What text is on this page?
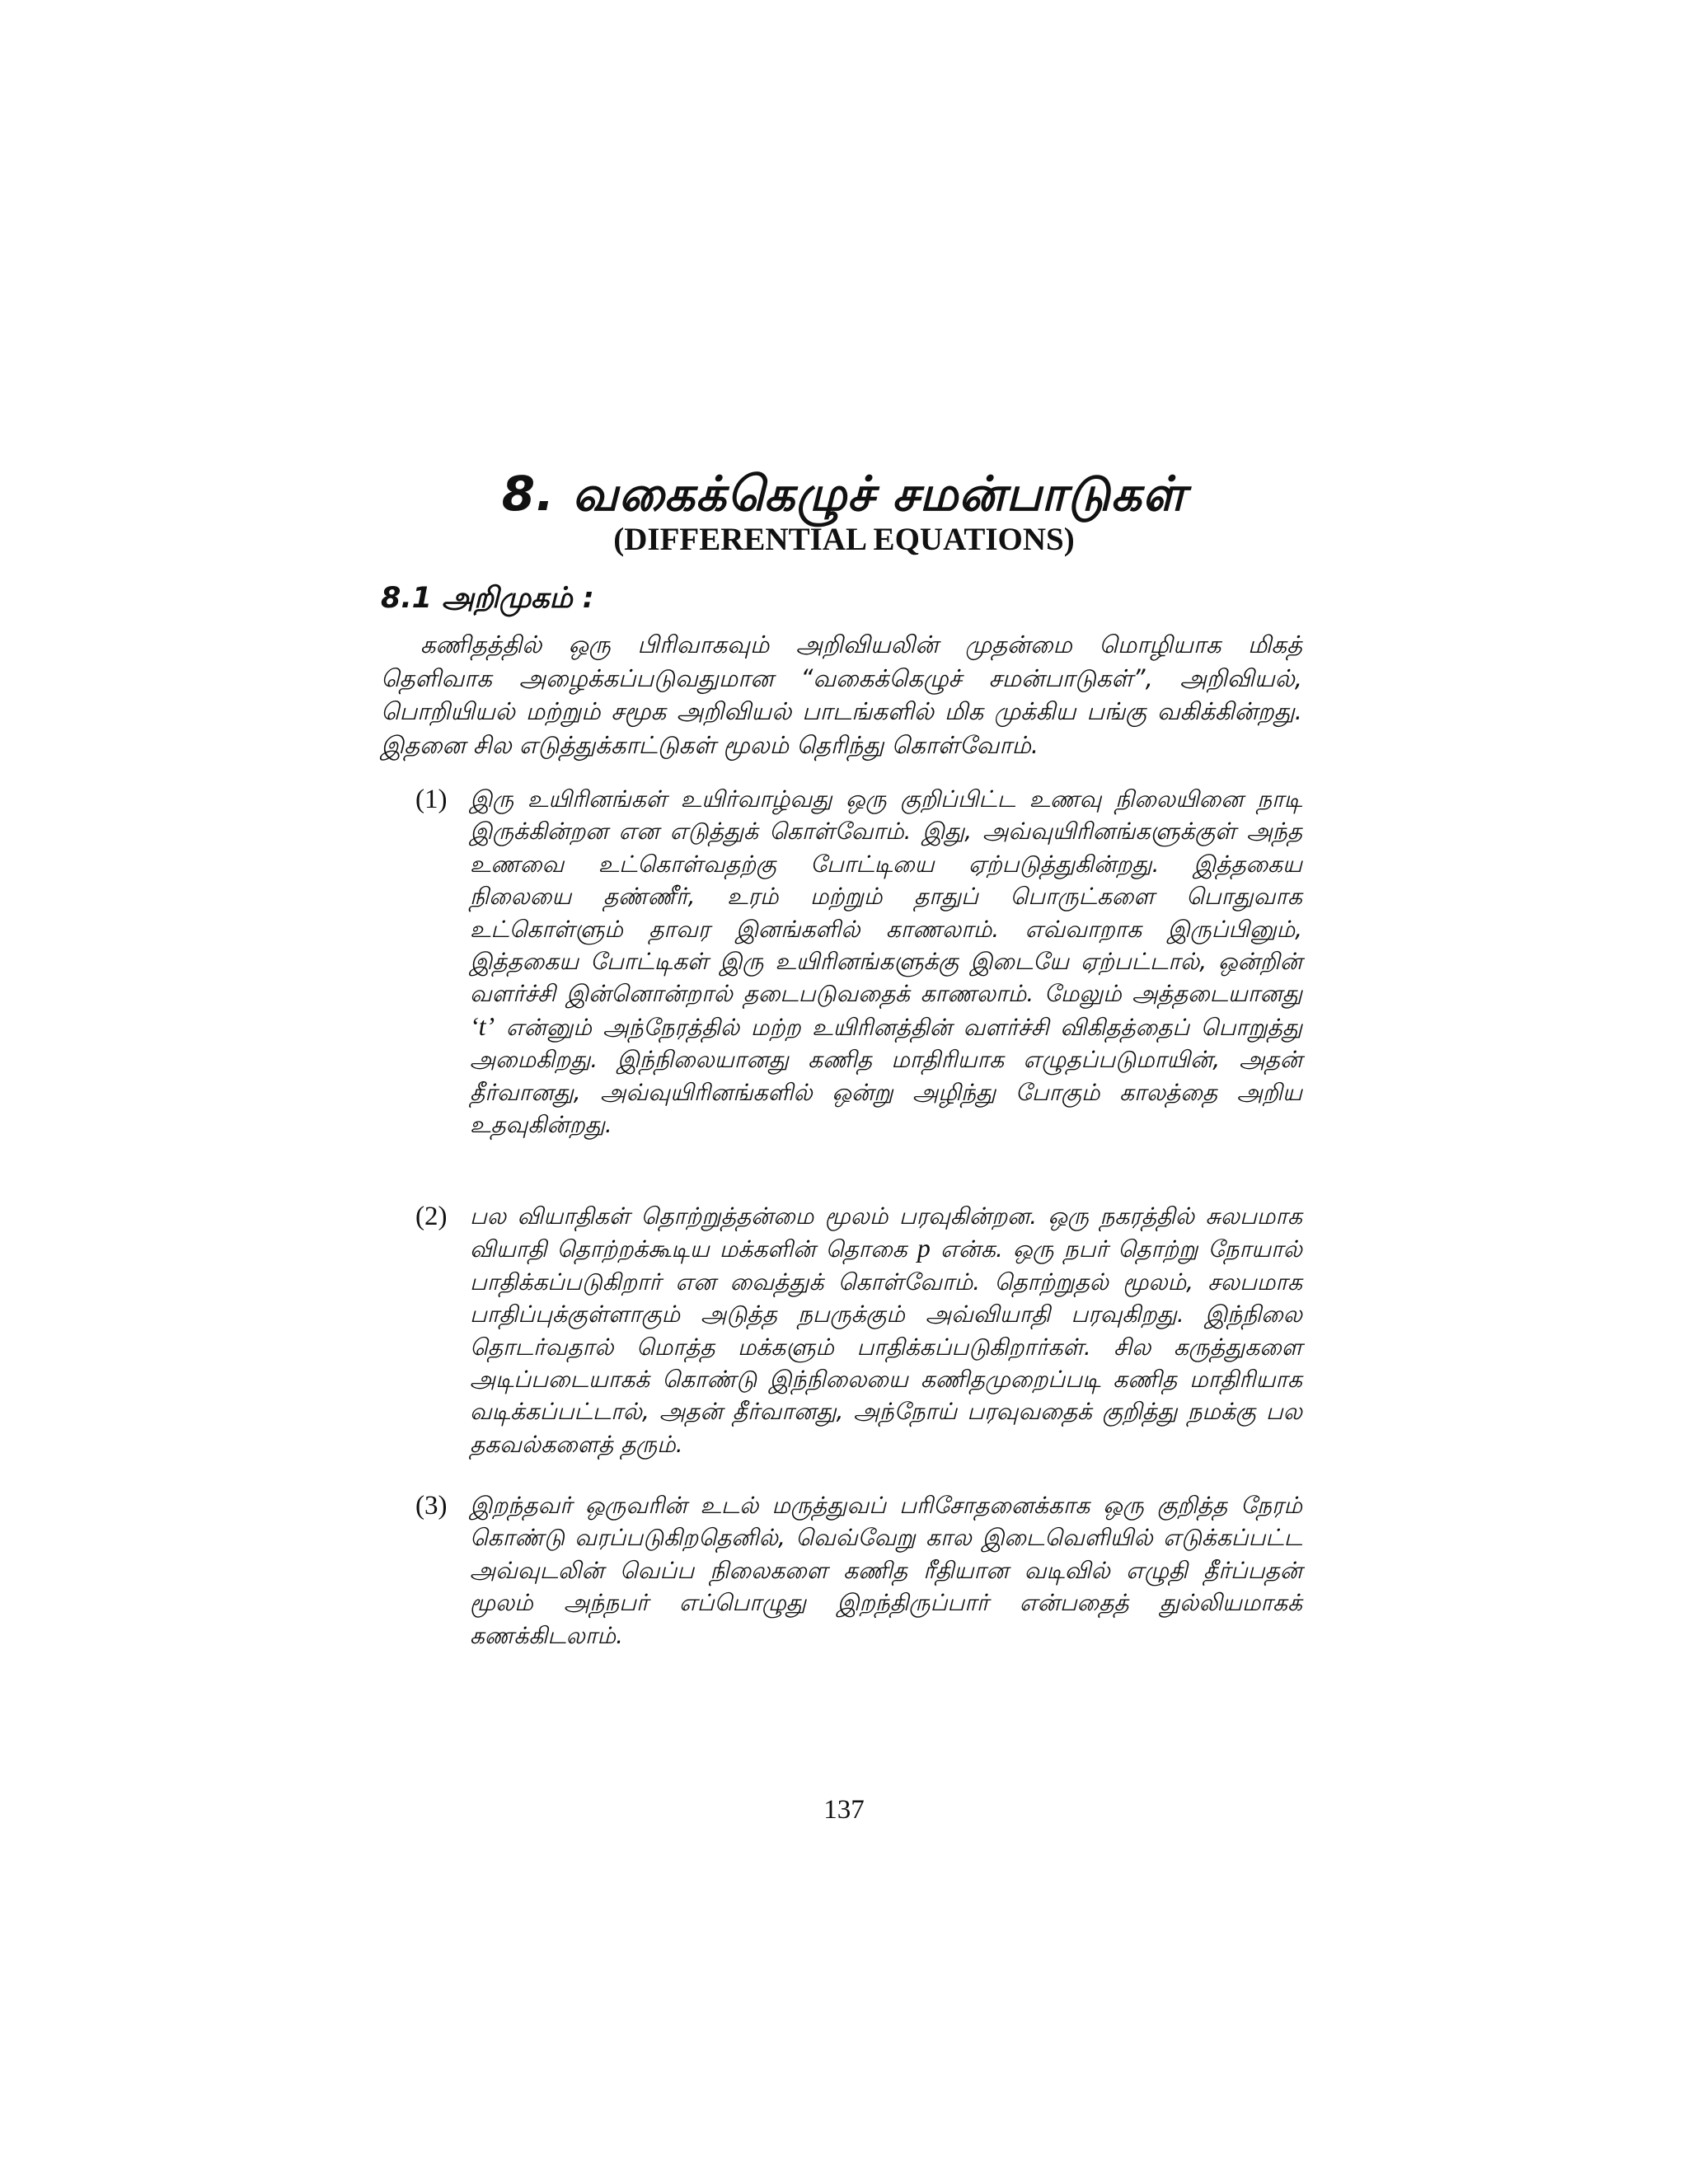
8. வகைக்கெழுச் சமன்பாடுகள்
(DIFFERENTIAL EQUATIONS)
8.1 அறிமுகம் :

கணிதத்தில் ஒரு பிரிவாகவும் அறிவியலின் முதன்மை மொழியாக மிகத் தெளிவாக அழைக்கப்படுவதுமான “வகைக்கெழுச் சமன்பாடுகள்”, அறிவியல், பொறியியல் மற்றும் சமூக அறிவியல் பாடங்களில் மிக முக்கிய பங்கு வகிக்கின்றது. இதனை சில எடுத்துக்காட்டுகள் மூலம் தெரிந்து கொள்வோம்.

(1) இரு உயிரினங்கள் உயிர்வாழ்வது ஒரு குறிப்பிட்ட உணவு நிலையினை நாடி இருக்கின்றன என எடுத்துக் கொள்வோம். இது, அவ்வுயிரினங்களுக்குள் அந்த உணவை உட்கொள்வதற்கு போட்டியை ஏற்படுத்துகின்றது. இத்தகைய நிலையை தண்ணீர், உரம் மற்றும் தாதுப் பொருட்களை பொதுவாக உட்கொள்ளும் தாவர இனங்களில் காணலாம். எவ்வாறாக இருப்பினும், இத்தகைய போட்டிகள் இரு உயிரினங்களுக்கு இடையே ஏற்பட்டால், ஒன்றின் வளர்ச்சி இன்னொன்றால் தடைபடுவதைக் காணலாம். மேலும் அத்தடையானது ‘t’ என்னும் அந்நேரத்தில் மற்ற உயிரினத்தின் வளர்ச்சி விகிதத்தைப் பொறுத்து அமைகிறது. இந்நிலையானது கணித மாதிரியாக எழுதப்படுமாயின், அதன் தீர்வானது, அவ்வுயிரினங்களில் ஒன்று அழிந்து போகும் காலத்தை அறிய உதவுகின்றது.

(2) பல வியாதிகள் தொற்றுத்தன்மை மூலம் பரவுகின்றன. ஒரு நகரத்தில் சுலபமாக வியாதி தொற்றக்கூடிய மக்களின் தொகை p என்க. ஒரு நபர் தொற்று நோயால் பாதிக்கப்படுகிறார் என வைத்துக் கொள்வோம். தொற்றுதல் மூலம், சலபமாக பாதிப்புக்குள்ளாகும் அடுத்த நபருக்கும் அவ்வியாதி பரவுகிறது. இந்நிலை தொடர்வதால் மொத்த மக்களும் பாதிக்கப்படுகிறார்கள். சில கருத்துகளை அடிப்படையாகக் கொண்டு இந்நிலையை கணிதமுறைப்படி கணித மாதிரியாக வடிக்கப்பட்டால், அதன் தீர்வானது, அந்நோய் பரவுவதைக் குறித்து நமக்கு பல தகவல்களைத் தரும்.

(3) இறந்தவர் ஒருவரின் உடல் மருத்துவப் பரிசோதனைக்காக ஒரு குறித்த நேரம் கொண்டு வரப்படுகிறதெனில், வெவ்வேறு கால இடைவெளியில் எடுக்கப்பட்ட அவ்வுடலின் வெப்ப நிலைகளை கணித ரீதியான வடிவில் எழுதி தீர்ப்பதன் மூலம் அந்நபர் எப்பொழுது இறந்திருப்பார் என்பதைத் துல்லியமாகக் கணக்கிடலாம்.

137
